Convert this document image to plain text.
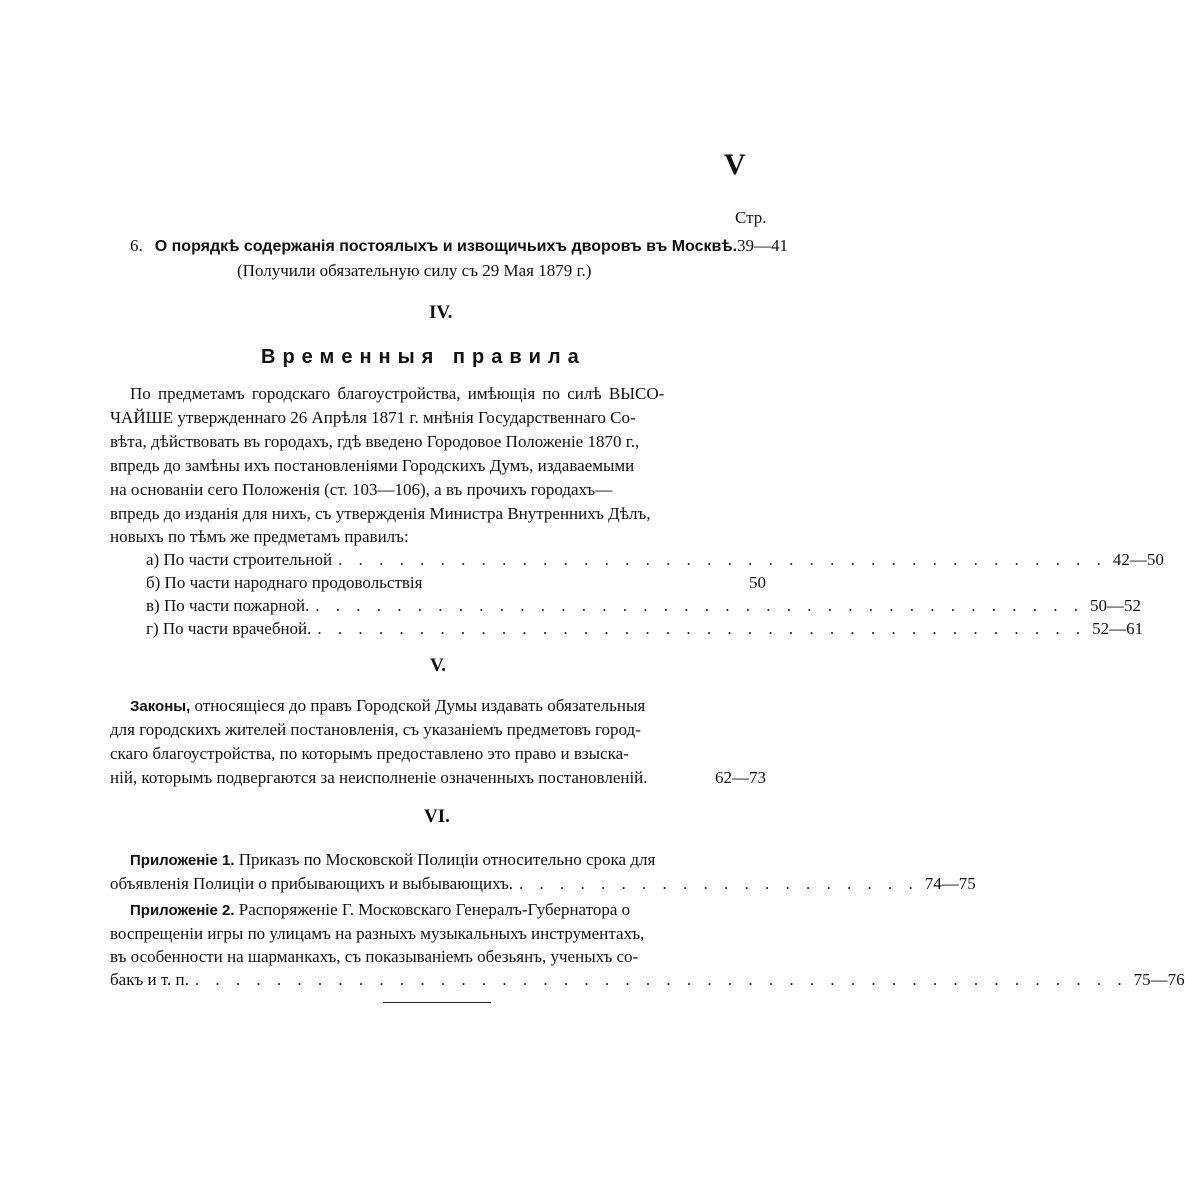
V
Стр.
6. О порядкѣ содержанія постоялыхъ и извощичьихъ дворовъ въ Москвѣ. 39—41
(Получили обязательную силу съ 29 Мая 1879 г.)
IV.
Временныя правила
По предметамъ городскаго благоустройства, имѣющія по силѣ ВЫСО-
ЧАЙШЕ утвержденнаго 26 Апрѣля 1871 г. мнѣнія Государственнаго Со-
вѣта, дѣйствовать въ городахъ, гдѣ введено Городовое Положеніе 1870 г.,
впредь до замѣны ихъ постановленіями Городскихъ Думъ, издаваемыми
на основаніи сего Положенія (ст. 103—106), а въ прочихъ городахъ—
впредь до изданія для нихъ, съ утвержденія Министра Внутреннихъ Дѣлъ,
новыхъ по тѣмъ же предметамъ правилъ:
а) По части строительной . . . . . . . . . . . . . . . . . . . . . . . . . . . . . . . . . . . . . . 42—50
б) По части народнаго продовольствія	50
в) По части пожарной. . . . . . . . . . . . . . . . . . . . . . . . . . . . . . . . . . . . . . . 50—52
г) По части врачебной. . . . . . . . . . . . . . . . . . . . . . . . . . . . . . . . . . . . . . . 52—61
V.
Законы, относящіеся до правъ Городской Думы издавать обязательныя
для городскихъ жителей постановленія, съ указаніемъ предметовъ город-
скаго благоустройства, по которымъ предоставлено это право и взыска-
ній, которымъ подвергаются за неисполненіе означенныхъ постановленій.	62—73
VI.
Приложеніе 1. Приказъ по Московской Полиціи относительно срока для
объявленія Полиціи о прибывающихъ и выбывающихъ. . . . . . . . . . . . . . . . . . . . . 74—75
Приложеніе 2. Распоряженіе Г. Московскаго Генералъ-Губернатора о
воспрещеніи игры по улицамъ на разныхъ музыкальныхъ инструментахъ,
въ особенности на шарманкахъ, съ показываніемъ обезьянъ, ученыхъ со-
бакъ и т. п. . . . . . . . . . . . . . . . . . . . . . . . . . . . . . . . . . . . . . . . . . . . . . . 75—76
